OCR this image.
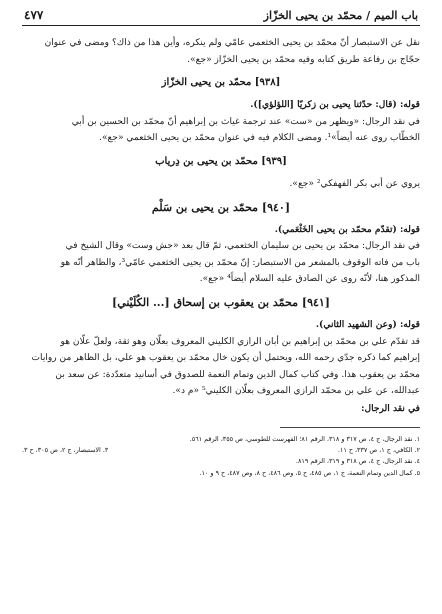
باب الميم / محمّد بن يحيى الخزّاز
٤٧٧

نقل عن الاستبصار أنّ محمّد بن يحيى الخثعمي عامّي ولم ينكره، وأين هذا من ذاك؟ ومضى في عنوان

حجّاج بن رفاعة طريق كتابه وفيه محمّد بن يحيى الخزّاز «جع».

[٩٣٨] محمّد بن يحيى الخزّاز

قوله: (قال: حدّثنا يحيى بن زكريّا [اللؤلؤي]).

في نقد الرجال: «ويظهر من «ست» عند ترجمة غياث بن إبراهيم أنّ محمّد بن الحسين بن أبي

الخطّاب روى عنه أيضاً»¹. ومضى الكلام فيه في عنوان محمّد بن يحيى الخثعمي «جع».

[٩٣٩] محمّد بن يحيى بن دِرياب

يروي عن أبي بكر الفهفكي² «جع».

[٩٤٠] محمّد بن يحيى بن سَلْم

قوله: (تقدّم محمّد بن يحيى الخَثْعَمي).

في نقد الرجال: محمّد بن يحيى بن سليمان الخثعمي، ثمّ قال بعد «جش وست» وقال الشيخ في

باب من فاته الوقوف بالمشعر من الاستبصار: إنّ محمّد بن يحيى الخثعمي عامّي³، والظاهر أنّه هو

المذكور هنا، لأنّه روى عن الصادق عليه السلام أيضاً⁴ «جع».

[٩٤١] محمّد بن يعقوب بن إسحاق [... الكُلَيْني]

قوله: (وعن الشهيد الثاني).

قد تقدّم علي بن محمّد بن إبراهيم بن أبان الرازي الكليني المعروف بعلّان وهو ثقة، ولعلّ علّان هو

إبراهيم كما ذكره جدّي رحمه الله، ويحتمل أن يكون خال محمّد بن يعقوب هو علي، بل الظاهر من روايات

محمّد بن يعقوب هذا. وفي كتاب كمال الدين وتمام النعمة للصدوق في أسانيد متعدّدة: عن سعد بن

عبدالله، عن علي بن محمّد الرازي المعروف بعلّان الكليني⁵ «م د».

في نقد الرجال:

١. نقد الرجال، ج ٤، ص ٣١٧ و ٣١٨، الرقم ٨١؛ الفهرست للطوسي، ص ٣٥٥، الرقم ٥٦١.
٢. الكافي، ج ١، ص ٣٣٧، ح ١١.
٣. الاستبصار، ج ٢، ص ٣٠٥، ح ٣.
٤. نقد الرجال، ج ٤، ص ٣١٨ و ٣١٩، الرقم ٨١٩.
٥. كمال الدين وتمام النعمة، ج ١، ص ٤٨٥، ح ٥، وص ٤٨٦، ح ٨، وص ٤٨٧، ح ٩ و ١٠.
